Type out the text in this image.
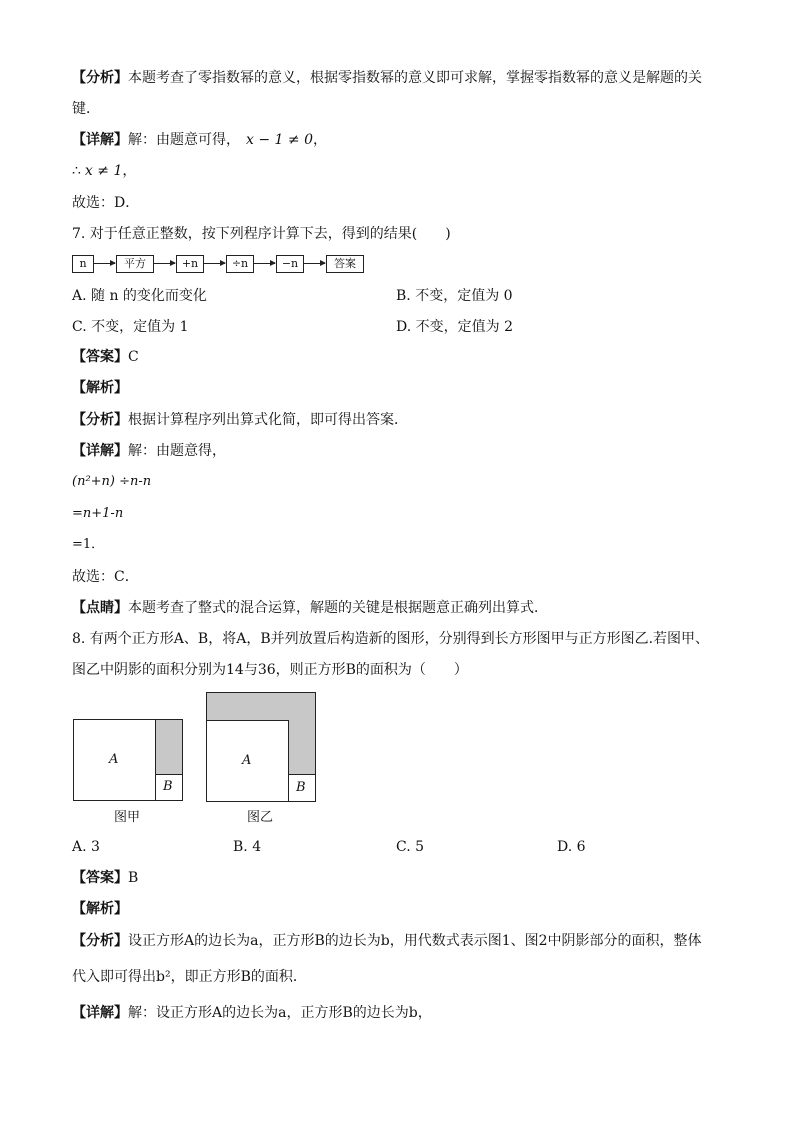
【分析】本题考查了零指数幂的意义，根据零指数幂的意义即可求解，掌握零指数幂的意义是解题的关
键．
【详解】解：由题意可得， x − 1 ≠ 0，
∴ x ≠ 1，
故选：D．
7. 对于任意正整数，按下列程序计算下去，得到的结果(　　)
n	平方	+n	÷n	−n	答案
A. 随 n 的变化而变化	B. 不变，定值为 0
C. 不变，定值为 1	D. 不变，定值为 2
【答案】C
【解析】
【分析】根据计算程序列出算式化简，即可得出答案．
【详解】解：由题意得，
(n²+n) ÷n-n
=n+1-n
=1．
故选：C．
【点睛】本题考查了整式的混合运算，解题的关键是根据题意正确列出算式．
8. 有两个正方形A、B，将A，B并列放置后构造新的图形，分别得到长方形图甲与正方形图乙.若图甲、
图乙中阴影的面积分别为14与36，则正方形B的面积为（　　）
A
B
图甲
A
B
图乙
A. 3	B. 4	C. 5	D. 6
【答案】B
【解析】
【分析】设正方形A的边长为a，正方形B的边长为b，用代数式表示图1、图2中阴影部分的面积，整体
代入即可得出b²，即正方形B的面积．
【详解】解：设正方形A的边长为a，正方形B的边长为b，
